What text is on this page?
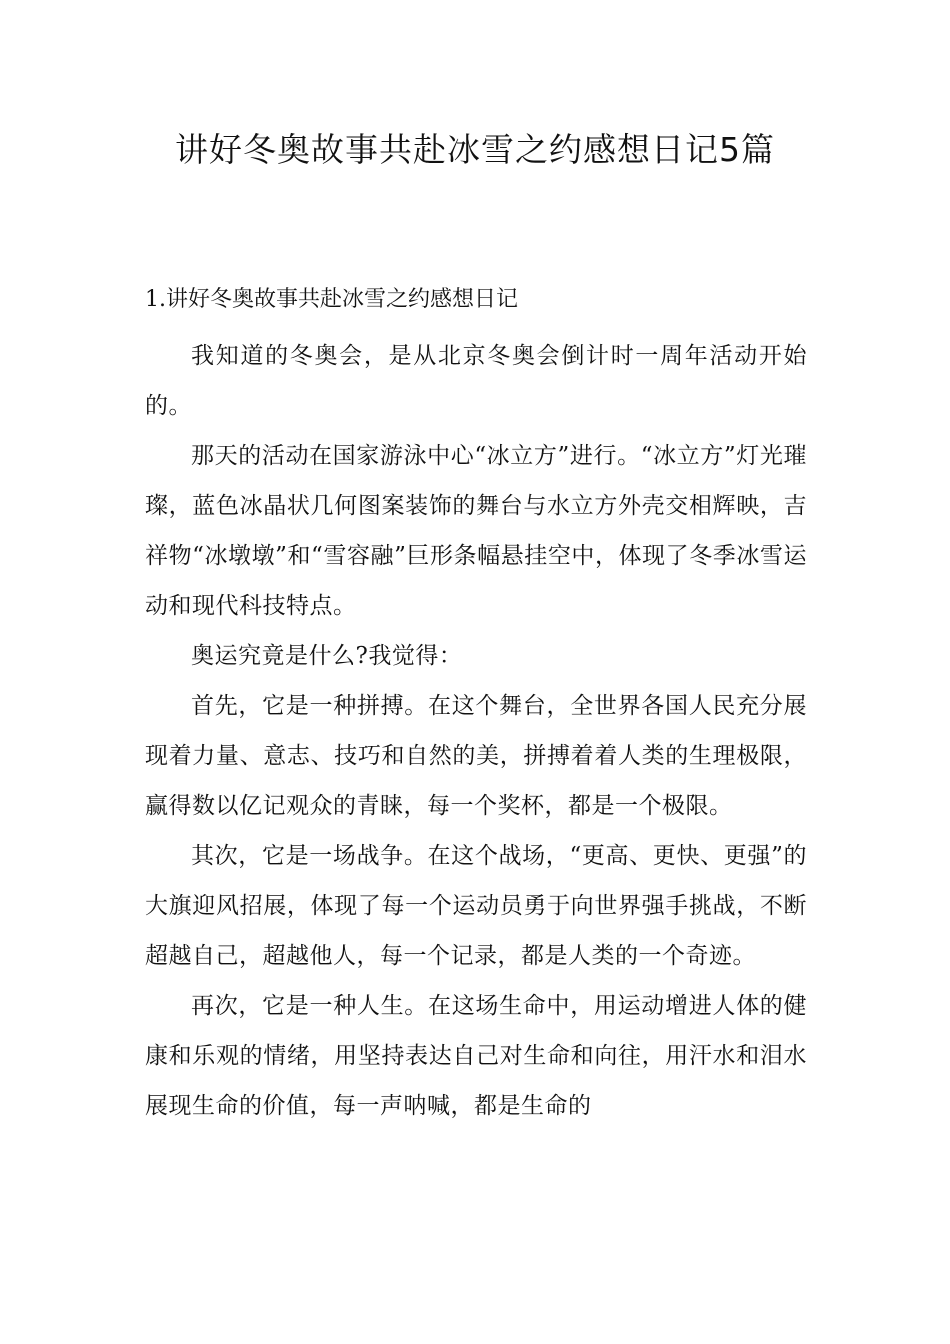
讲好冬奥故事共赴冰雪之约感想日记5篇
1.讲好冬奥故事共赴冰雪之约感想日记

我知道的冬奥会，是从北京冬奥会倒计时一周年活动开始的。

那天的活动在国家游泳中心“冰立方”进行。“冰立方”灯光璀璨，蓝色冰晶状几何图案装饰的舞台与水立方外壳交相辉映，吉祥物“冰墩墩”和“雪容融”巨形条幅悬挂空中，体现了冬季冰雪运动和现代科技特点。

奥运究竟是什么?我觉得：

首先，它是一种拼搏。在这个舞台，全世界各国人民充分展现着力量、意志、技巧和自然的美，拼搏着着人类的生理极限，赢得数以亿记观众的青睐，每一个奖杯，都是一个极限。

其次，它是一场战争。在这个战场，“更高、更快、更强”的大旗迎风招展，体现了每一个运动员勇于向世界强手挑战，不断超越自己，超越他人，每一个记录，都是人类的一个奇迹。

再次，它是一种人生。在这场生命中，用运动增进人体的健康和乐观的情绪，用坚持表达自己对生命和向往，用汗水和泪水展现生命的价值，每一声呐喊，都是生命的
